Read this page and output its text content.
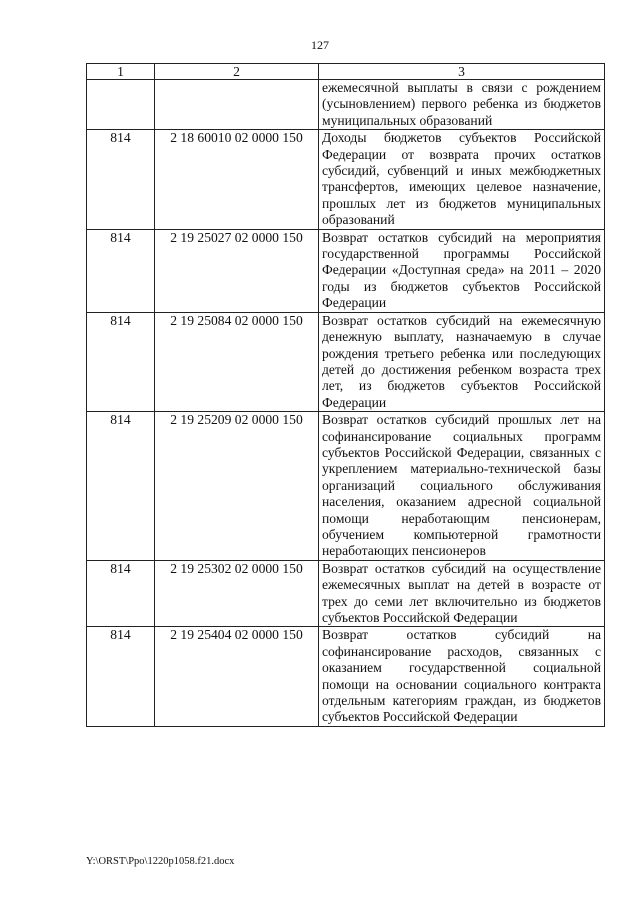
127
1	2	3
		ежемесячной выплаты в связи с рождением (усыновлением) первого ребенка из бюджетов муниципальных образований
814	2 18 60010 02 0000 150	Доходы бюджетов субъектов Российской Федерации от возврата прочих остатков субсидий, субвенций и иных межбюджетных трансфертов, имеющих целевое назначение, прошлых лет из бюджетов муниципальных образований
814	2 19 25027 02 0000 150	Возврат остатков субсидий на мероприятия государственной программы Российской Федерации «Доступная среда» на 2011 – 2020 годы из бюджетов субъектов Российской Федерации
814	2 19 25084 02 0000 150	Возврат остатков субсидий на ежемесячную денежную выплату, назначаемую в случае рождения третьего ребенка или последующих детей до достижения ребенком возраста трех лет, из бюджетов субъектов Российской Федерации
814	2 19 25209 02 0000 150	Возврат остатков субсидий прошлых лет на софинансирование социальных программ субъектов Российской Федерации, связанных с укреплением материально-технической базы организаций социального обслуживания населения, оказанием адресной социальной помощи неработающим пенсионерам, обучением компьютерной грамотности неработающих пенсионеров
814	2 19 25302 02 0000 150	Возврат остатков субсидий на осуществление ежемесячных выплат на детей в возрасте от трех до семи лет включительно из бюджетов субъектов Российской Федерации
814	2 19 25404 02 0000 150	Возврат остатков субсидий на софинансирование расходов, связанных с оказанием государственной социальной помощи на основании социального контракта отдельным категориям граждан, из бюджетов субъектов Российской Федерации
Y:\ORST\Ppo\1220p1058.f21.docx
